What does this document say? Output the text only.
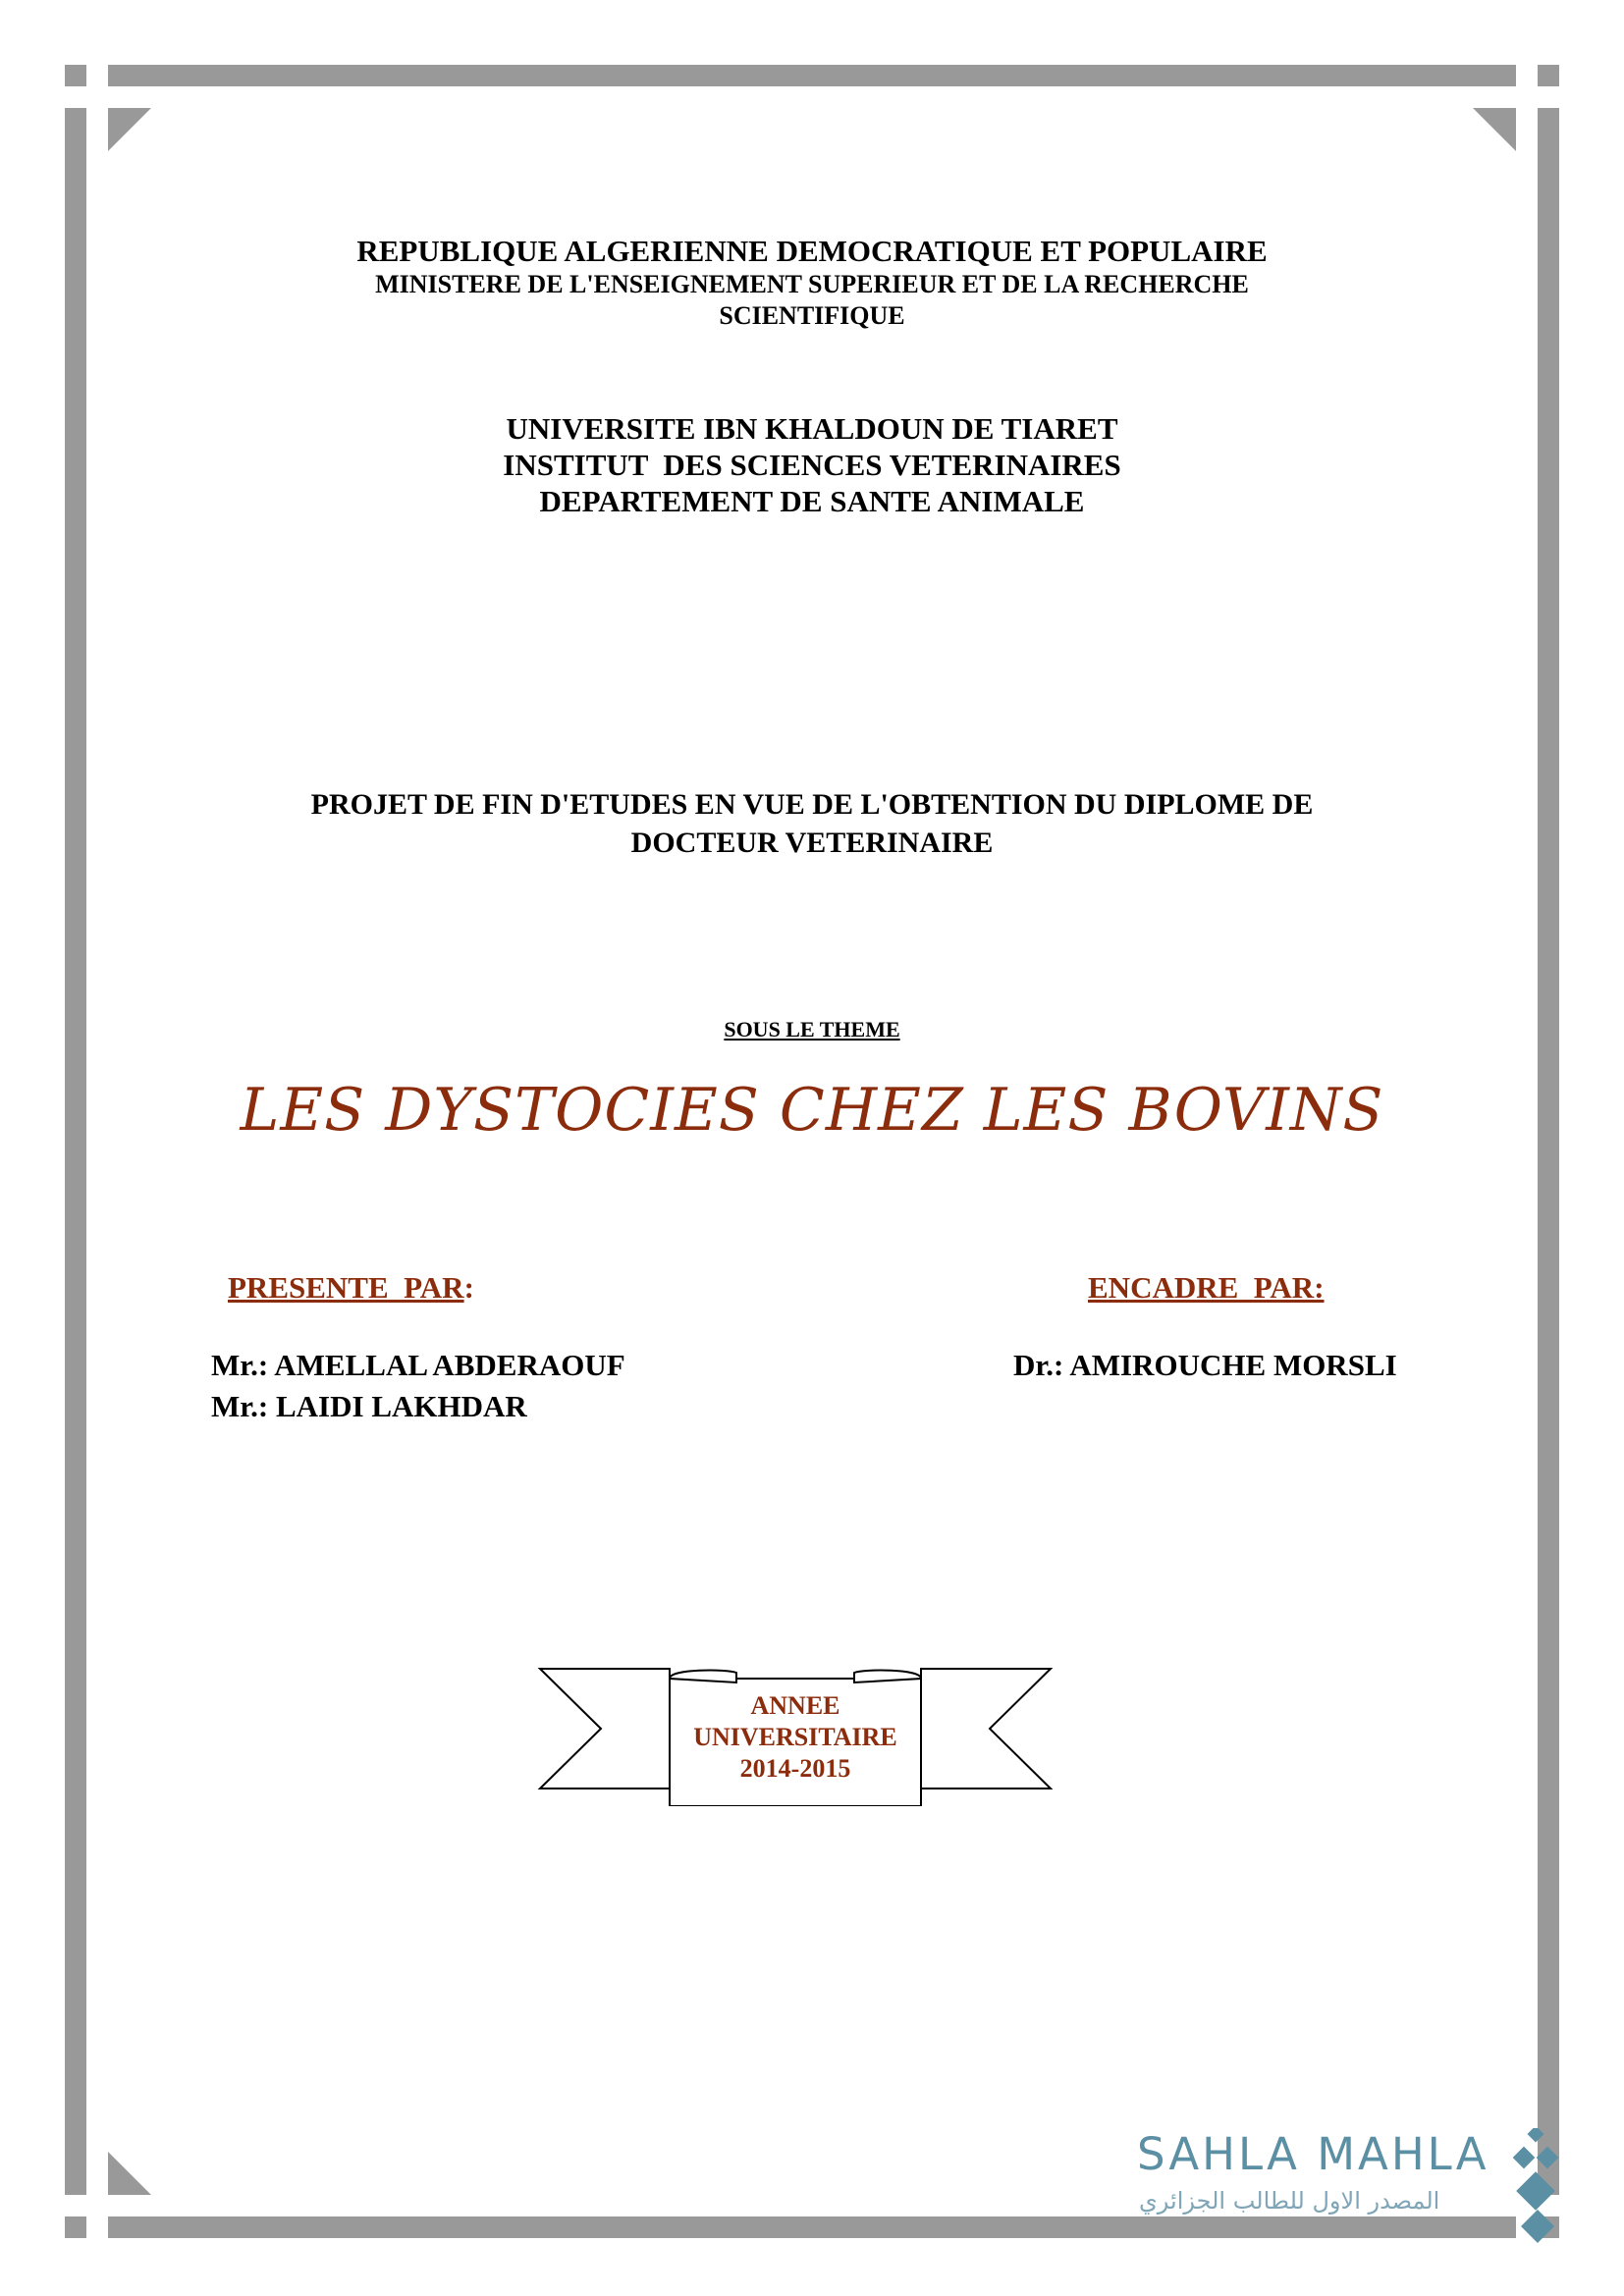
REPUBLIQUE ALGERIENNE DEMOCRATIQUE ET POPULAIRE
MINISTERE DE L'ENSEIGNEMENT SUPERIEUR ET DE LA RECHERCHE
SCIENTIFIQUE
UNIVERSITE IBN KHALDOUN DE TIARET
INSTITUT  DES SCIENCES VETERINAIRES
DEPARTEMENT DE SANTE ANIMALE
PROJET DE FIN D'ETUDES EN VUE DE L'OBTENTION DU DIPLOME DE
DOCTEUR VETERINAIRE
SOUS LE THEME
LES DYSTOCIES CHEZ LES BOVINS
PRESENTE  PAR:	ENCADRE  PAR:
Mr.: AMELLAL ABDERAOUF
Mr.: LAIDI LAKHDAR
Dr.: AMIROUCHE MORSLI
ANNEE
UNIVERSITAIRE
2014-2015
SAHLA MAHLA
المصدر الاول للطالب الجزائري
